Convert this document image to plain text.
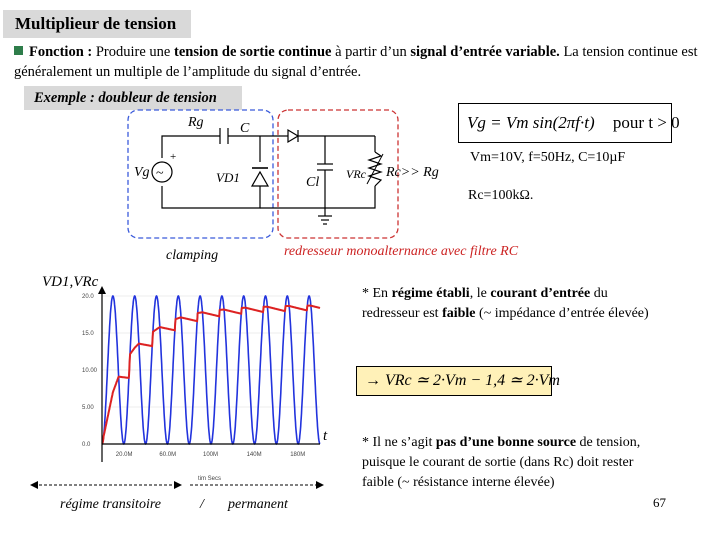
Multiplieur de tension
Fonction : Produire une tension de sortie continue à partir d’un signal d’entrée variable. La tension continue est généralement un multiple de l’amplitude du signal d’entrée.
Exemple : doubleur de tension
~
Rg	C
+
Vg	VD1	Cl
VRc Rc>> Rg
Vg = Vm sin(2πf·t) pour t > 0
Vm=10V, f=50Hz, C=10µF
Rc=100kΩ.
clamping	redresseur monoalternance avec filtre RC
VD1,VRc
20.0
15.0
10.00
5.00
0.0
20.0M	60.0M	100M	140M	180M
tim Secs
t
régime transitoire	/ permanent
* En régime établi, le courant d’entrée du redresseur est faible (~ impédance d’entrée élevée)
→ VRc ≃ 2·Vm − 1,4 ≃ 2·Vm
* Il ne s’agit pas d’une bonne source de tension, puisque le courant de sortie (dans Rc) doit rester faible (~ résistance interne élevée)
67
